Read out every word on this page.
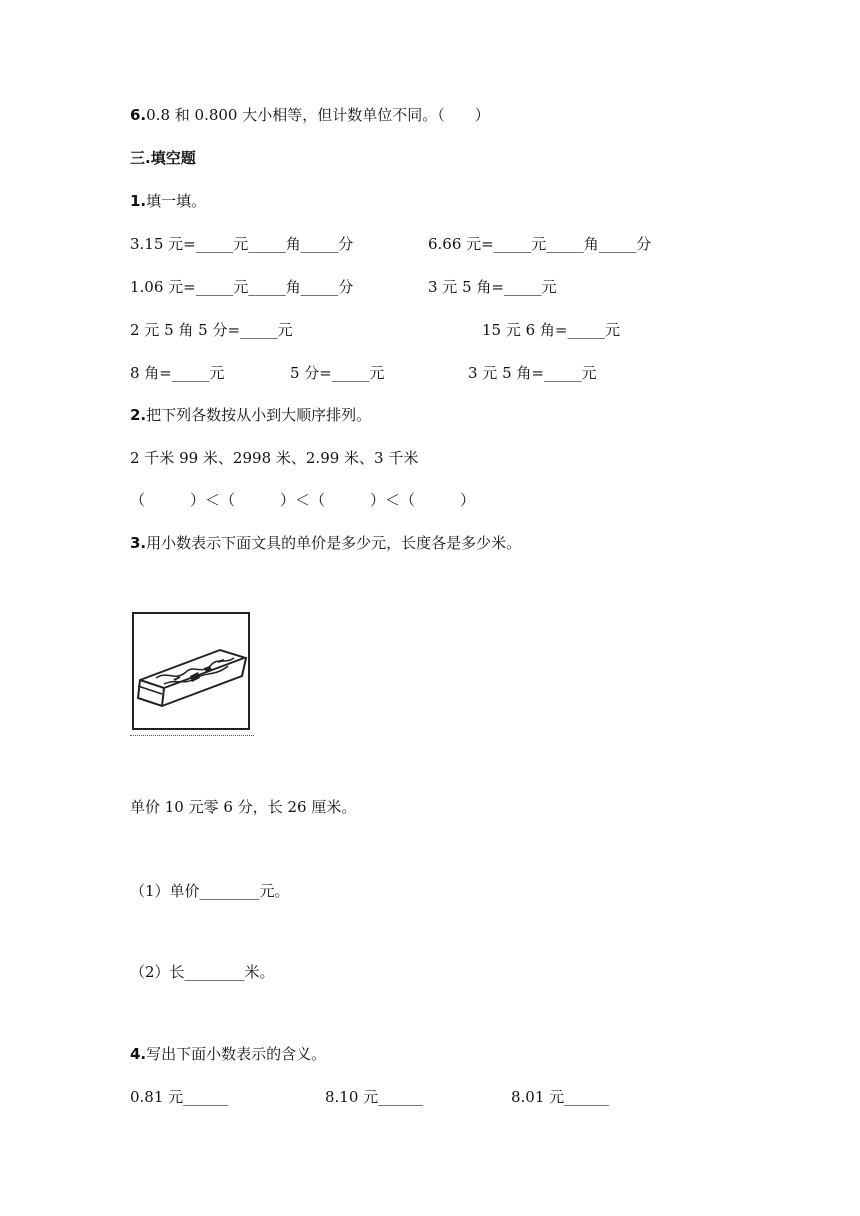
6.0.8 和 0.800 大小相等，但计数单位不同。（　　）
三.填空题
1.填一填。
3.15 元=_____元_____角_____分	6.66 元=_____元_____角_____分
1.06 元=_____元_____角_____分	3 元 5 角=_____元
2 元 5 角 5 分=_____元	15 元 6 角=_____元
8 角=_____元	5 分=_____元	3 元 5 角=_____元
2.把下列各数按从小到大顺序排列。
2 千米 99 米、2998 米、2.99 米、3 千米
（　　　）＜（　　　）＜（　　　）＜（　　　）
3.用小数表示下面文具的单价是多少元，长度各是多少米。
单价 10 元零 6 分，长 26 厘米。
（1）单价________元。
（2）长________米。
4.写出下面小数表示的含义。
0.81 元______	8.10 元______	8.01 元______
